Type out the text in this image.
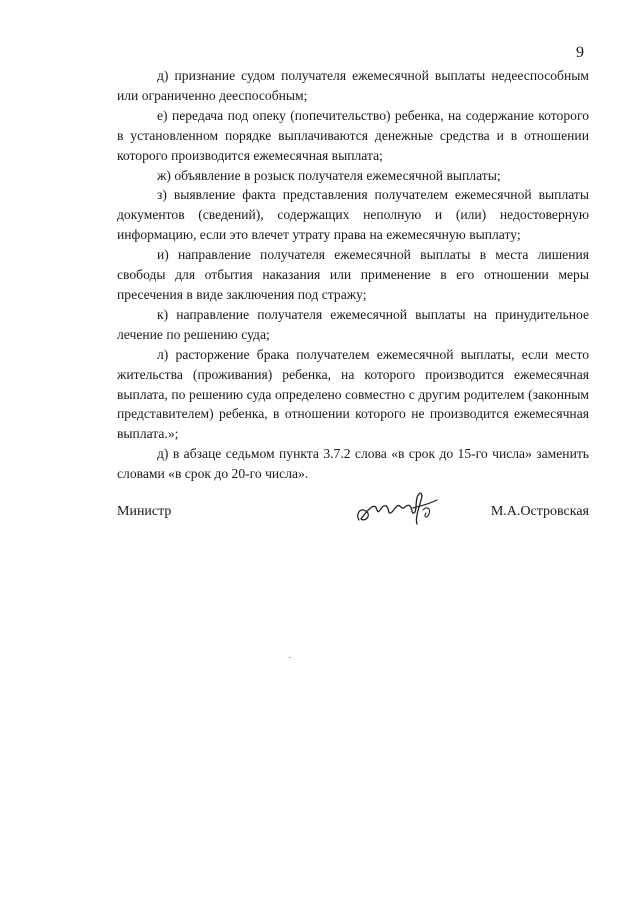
9

д) признание судом получателя ежемесячной выплаты недееспособным или ограниченно дееспособным;

е) передача под опеку (попечительство) ребенка, на содержание которого в установленном порядке выплачиваются денежные средства и в отношении которого производится ежемесячная выплата;

ж) объявление в розыск получателя ежемесячной выплаты;

з) выявление факта представления получателем ежемесячной выплаты документов (сведений), содержащих неполную и (или) недостоверную информацию, если это влечет утрату права на ежемесячную выплату;

и) направление получателя ежемесячной выплаты в места лишения свободы для отбытия наказания или применение в его отношении меры пресечения в виде заключения под стражу;

к) направление получателя ежемесячной выплаты на принудительное лечение по решению суда;

л) расторжение брака получателем ежемесячной выплаты, если место жительства (проживания) ребенка, на которого производится ежемесячная выплата, по решению суда определено совместно с другим родителем (законным представителем) ребенка, в отношении которого не производится ежемесячная выплата.»;

д) в абзаце седьмом пункта 3.7.2 слова «в срок до 15-го числа» заменить словами «в срок до 20-го числа».

Министр	М.А.Островская
